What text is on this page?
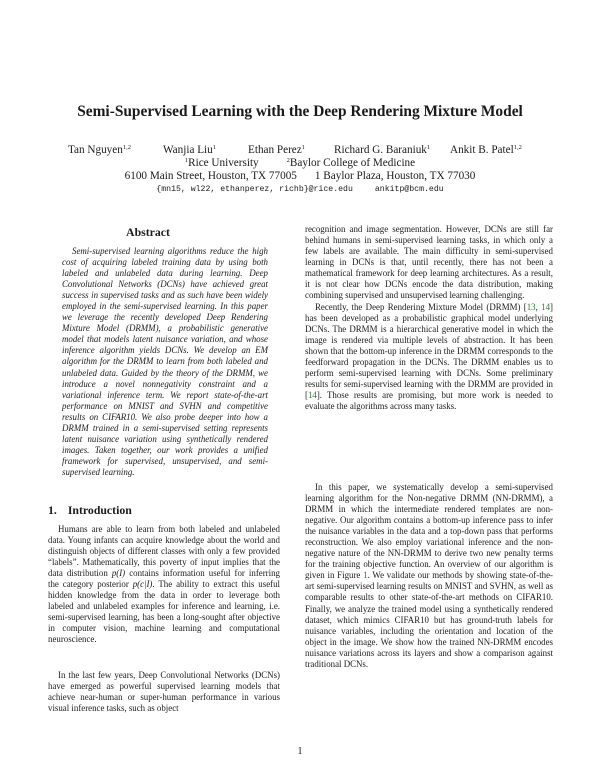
Semi-Supervised Learning with the Deep Rendering Mixture Model
Tan Nguyen$^{1,2}$	Wanjia Liu$^1$	Ethan Perez$^1$	Richard G. Baraniuk$^1$ Ankit B. Patel$^{1,2}$
$^1$Rice University	$^2$Baylor College of Medicine
6100 Main Street, Houston, TX 77005 1 Baylor Plaza, Houston, TX 77030
{mn15, wl22, ethanperez, richb}@rice.edu	ankitp@bcm.edu
Abstract

Semi-supervised learning algorithms reduce the high cost of acquiring labeled training data by using both labeled and unlabeled data during learning. Deep Convolutional Networks (DCNs) have achieved great success in supervised tasks and as such have been widely employed in the semi-supervised learning. In this paper we leverage the recently developed Deep Rendering Mixture Model (DRMM), a probabilistic generative model that models latent nuisance variation, and whose inference algorithm yields DCNs. We develop an EM algorithm for the DRMM to learn from both labeled and unlabeled data. Guided by the theory of the DRMM, we introduce a novel nonnegativity constraint and a variational inference term. We report state-of-the-art performance on MNIST and SVHN and competitive results on CIFAR10. We also probe deeper into how a DRMM trained in a semi-supervised setting represents latent nuisance variation using synthetically rendered images. Taken together, our work provides a unified framework for supervised, unsupervised, and semi-supervised learning.

1. Introduction

Humans are able to learn from both labeled and unlabeled data. Young infants can acquire knowledge about the world and distinguish objects of different classes with only a few provided “labels”. Mathematically, this poverty of input implies that the data distribution p(I) contains information useful for inferring the category posterior p(c|I). The ability to extract this useful hidden knowledge from the data in order to leverage both labeled and unlabeled examples for inference and learning, i.e. semi-supervised learning, has been a long-sought after objective in computer vision, machine learning and computational neuroscience.

In the last few years, Deep Convolutional Networks (DCNs) have emerged as powerful supervised learning models that achieve near-human or super-human performance in various visual inference tasks, such as object

recognition and image segmentation. However, DCNs are still far behind humans in semi-supervised learning tasks, in which only a few labels are available. The main difficulty in semi-supervised learning in DCNs is that, until recently, there has not been a mathematical framework for deep learning architectures. As a result, it is not clear how DCNs encode the data distribution, making combining supervised and unsupervised learning challenging.

Recently, the Deep Rendering Mixture Model (DRMM) [13, 14] has been developed as a probabilistic graphical model underlying DCNs. The DRMM is a hierarchical generative model in which the image is rendered via multiple levels of abstraction. It has been shown that the bottom-up inference in the DRMM corresponds to the feedforward propagation in the DCNs. The DRMM enables us to perform semi-supervised learning with DCNs. Some preliminary results for semi-supervised learning with the DRMM are provided in [14]. Those results are promising, but more work is needed to evaluate the algorithms across many tasks.

In this paper, we systematically develop a semi-supervised learning algorithm for the Non-negative DRMM (NN-DRMM), a DRMM in which the intermediate rendered templates are non-negative. Our algorithm contains a bottom-up inference pass to infer the nuisance variables in the data and a top-down pass that performs reconstruction. We also employ variational inference and the non-negative nature of the NN-DRMM to derive two new penalty terms for the training objective function. An overview of our algorithm is given in Figure 1. We validate our methods by showing state-of-the-art semi-supervised learning results on MNIST and SVHN, as well as comparable results to other state-of-the-art methods on CIFAR10. Finally, we analyze the trained model using a synthetically rendered dataset, which mimics CIFAR10 but has ground-truth labels for nuisance variables, including the orientation and location of the object in the image. We show how the trained NN-DRMM encodes nuisance variations across its layers and show a comparison against traditional DCNs.

1
